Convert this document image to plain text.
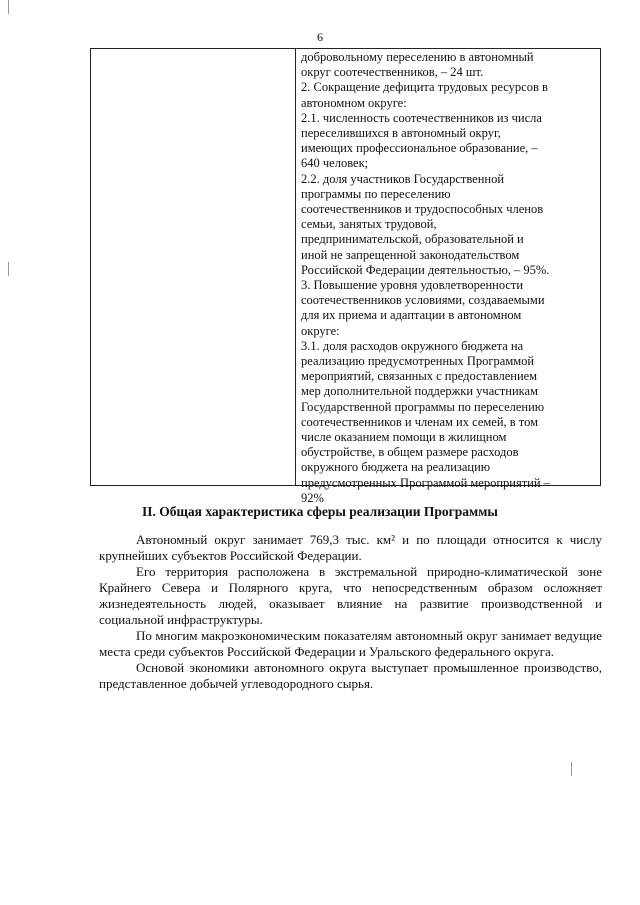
6

добровольному переселению в автономный

округ соотечественников, – 24 шт.

2. Сокращение дефицита трудовых ресурсов в

автономном округе:

2.1. численность соотечественников из числа

переселившихся в автономный округ,

имеющих профессиональное образование, –

640 человек;

2.2. доля участников Государственной

программы по переселению

соотечественников и трудоспособных членов

семьи, занятых трудовой,

предпринимательской, образовательной и

иной не запрещенной законодательством

Российской Федерации деятельностью, – 95%.

3. Повышение уровня удовлетворенности

соотечественников условиями, создаваемыми

для их приема и адаптации в автономном

округе:

3.1. доля расходов окружного бюджета на

реализацию предусмотренных Программой

мероприятий, связанных с предоставлением

мер дополнительной поддержки участникам

Государственной программы по переселению

соотечественников и членам их семей, в том

числе оказанием помощи в жилищном

обустройстве, в общем размере расходов

окружного бюджета на реализацию

предусмотренных Программой мероприятий –

92%

II. Общая характеристика сферы реализации Программы

Автономный округ занимает 769,3 тыс. км² и по площади относится к числу крупнейших субъектов Российской Федерации.

Его территория расположена в экстремальной природно-климатической зоне Крайнего Севера и Полярного круга, что непосредственным образом осложняет жизнедеятельность людей, оказывает влияние на развитие производственной и социальной инфраструктуры.

По многим макроэкономическим показателям автономный округ занимает ведущие места среди субъектов Российской Федерации и Уральского федерального округа.

Основой экономики автономного округа выступает промышленное производство, представленное добычей углеводородного сырья.
